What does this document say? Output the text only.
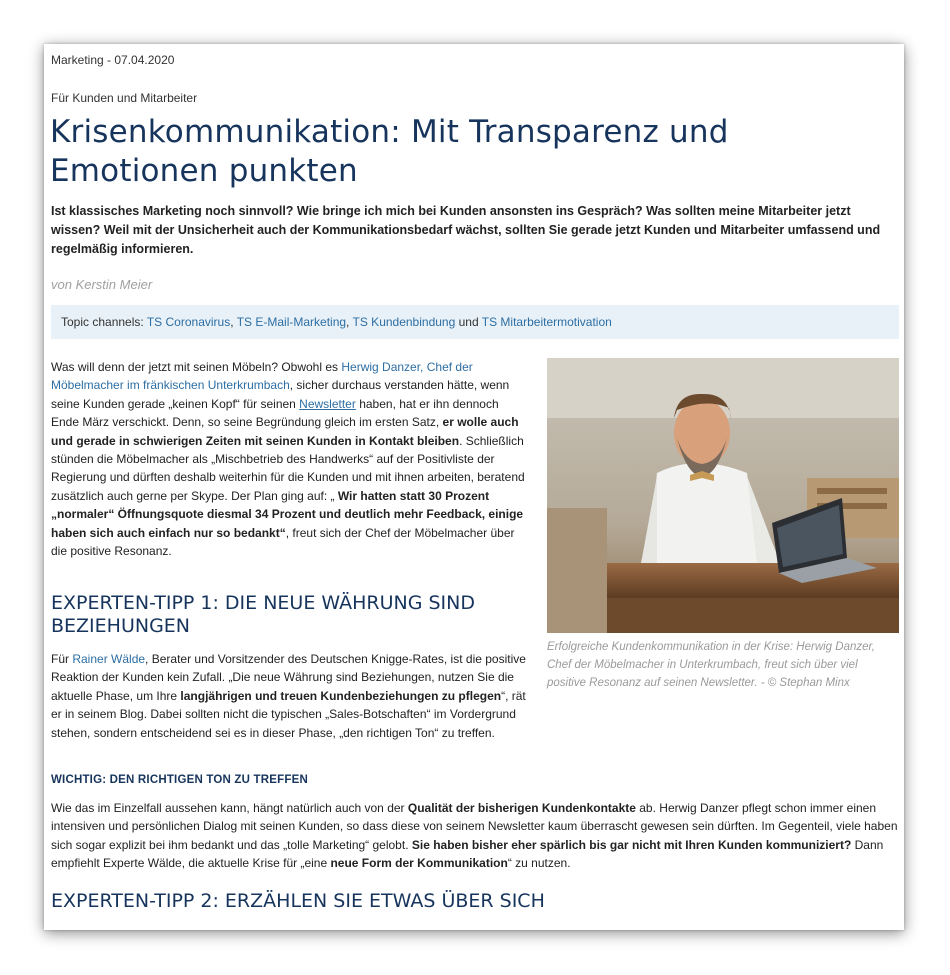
Marketing - 07.04.2020
Für Kunden und Mitarbeiter
Krisenkommunikation: Mit Transparenz und Emotionen punkten
Ist klassisches Marketing noch sinnvoll? Wie bringe ich mich bei Kunden ansonsten ins Gespräch? Was sollten meine Mitarbeiter jetzt wissen? Weil mit der Unsicherheit auch der Kommunikationsbedarf wächst, sollten Sie gerade jetzt Kunden und Mitarbeiter umfassend und regelmäßig informieren.
von Kerstin Meier
Topic channels: TS Coronavirus, TS E-Mail-Marketing, TS Kundenbindung und TS Mitarbeitermotivation
Was will denn der jetzt mit seinen Möbeln? Obwohl es Herwig Danzer, Chef der Möbelmacher im fränkischen Unterkrumbach, sicher durchaus verstanden hätte, wenn seine Kunden gerade „keinen Kopf“ für seinen Newsletter haben, hat er ihn dennoch Ende März verschickt. Denn, so seine Begründung gleich im ersten Satz, er wolle auch und gerade in schwierigen Zeiten mit seinen Kunden in Kontakt bleiben. Schließlich stünden die Möbelmacher als „Mischbetrieb des Handwerks“ auf der Positivliste der Regierung und dürften deshalb weiterhin für die Kunden und mit ihnen arbeiten, beratend zusätzlich auch gerne per Skype. Der Plan ging auf: „ Wir hatten statt 30 Prozent „normaler“ Öffnungsquote diesmal 34 Prozent und deutlich mehr Feedback, einige haben sich auch einfach nur so bedankt“, freut sich der Chef der Möbelmacher über die positive Resonanz.
Erfolgreiche Kundenkommunikation in der Krise: Herwig Danzer, Chef der Möbelmacher in Unterkrumbach, freut sich über viel positive Resonanz auf seinen Newsletter. - © Stephan Minx
EXPERTEN-TIPP 1: DIE NEUE WÄHRUNG SIND BEZIEHUNGEN
Für Rainer Wälde, Berater und Vorsitzender des Deutschen Knigge-Rates, ist die positive Reaktion der Kunden kein Zufall. „Die neue Währung sind Beziehungen, nutzen Sie die aktuelle Phase, um Ihre langjährigen und treuen Kundenbeziehungen zu pflegen“, rät er in seinem Blog. Dabei sollten nicht die typischen „Sales-Botschaften“ im Vordergrund stehen, sondern entscheidend sei es in dieser Phase, „den richtigen Ton“ zu treffen.
WICHTIG: DEN RICHTIGEN TON ZU TREFFEN
Wie das im Einzelfall aussehen kann, hängt natürlich auch von der Qualität der bisherigen Kundenkontakte ab. Herwig Danzer pflegt schon immer einen intensiven und persönlichen Dialog mit seinen Kunden, so dass diese von seinem Newsletter kaum überrascht gewesen sein dürften. Im Gegenteil, viele haben sich sogar explizit bei ihm bedankt und das „tolle Marketing“ gelobt. Sie haben bisher eher spärlich bis gar nicht mit Ihren Kunden kommuniziert? Dann empfiehlt Experte Wälde, die aktuelle Krise für „eine neue Form der Kommunikation“ zu nutzen.
EXPERTEN-TIPP 2: ERZÄHLEN SIE ETWAS ÜBER SICH
